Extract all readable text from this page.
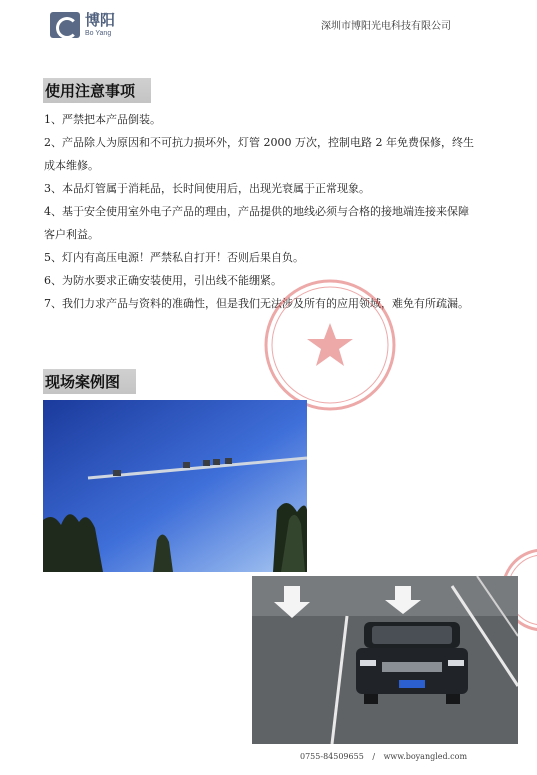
博阳
Bo Yang
深圳市博阳光电科技有限公司
使用注意事项

1、严禁把本产品倒装。

2、产品除人为原因和不可抗力损坏外，灯管 2000 万次，控制电路 2 年免费保修，终生成本维修。

3、本品灯管属于消耗品，长时间使用后，出现光衰属于正常现象。

4、基于安全使用室外电子产品的理由，产品提供的地线必须与合格的接地端连接来保障客户利益。

5、灯内有高压电源！严禁私自打开！否则后果自负。

6、为防水要求正确安装使用，引出线不能绷紧。

7、我们力求产品与资料的准确性，但是我们无法涉及所有的应用领域，难免有所疏漏。

现场案例图
0755-84509655 / www.boyangled.com
